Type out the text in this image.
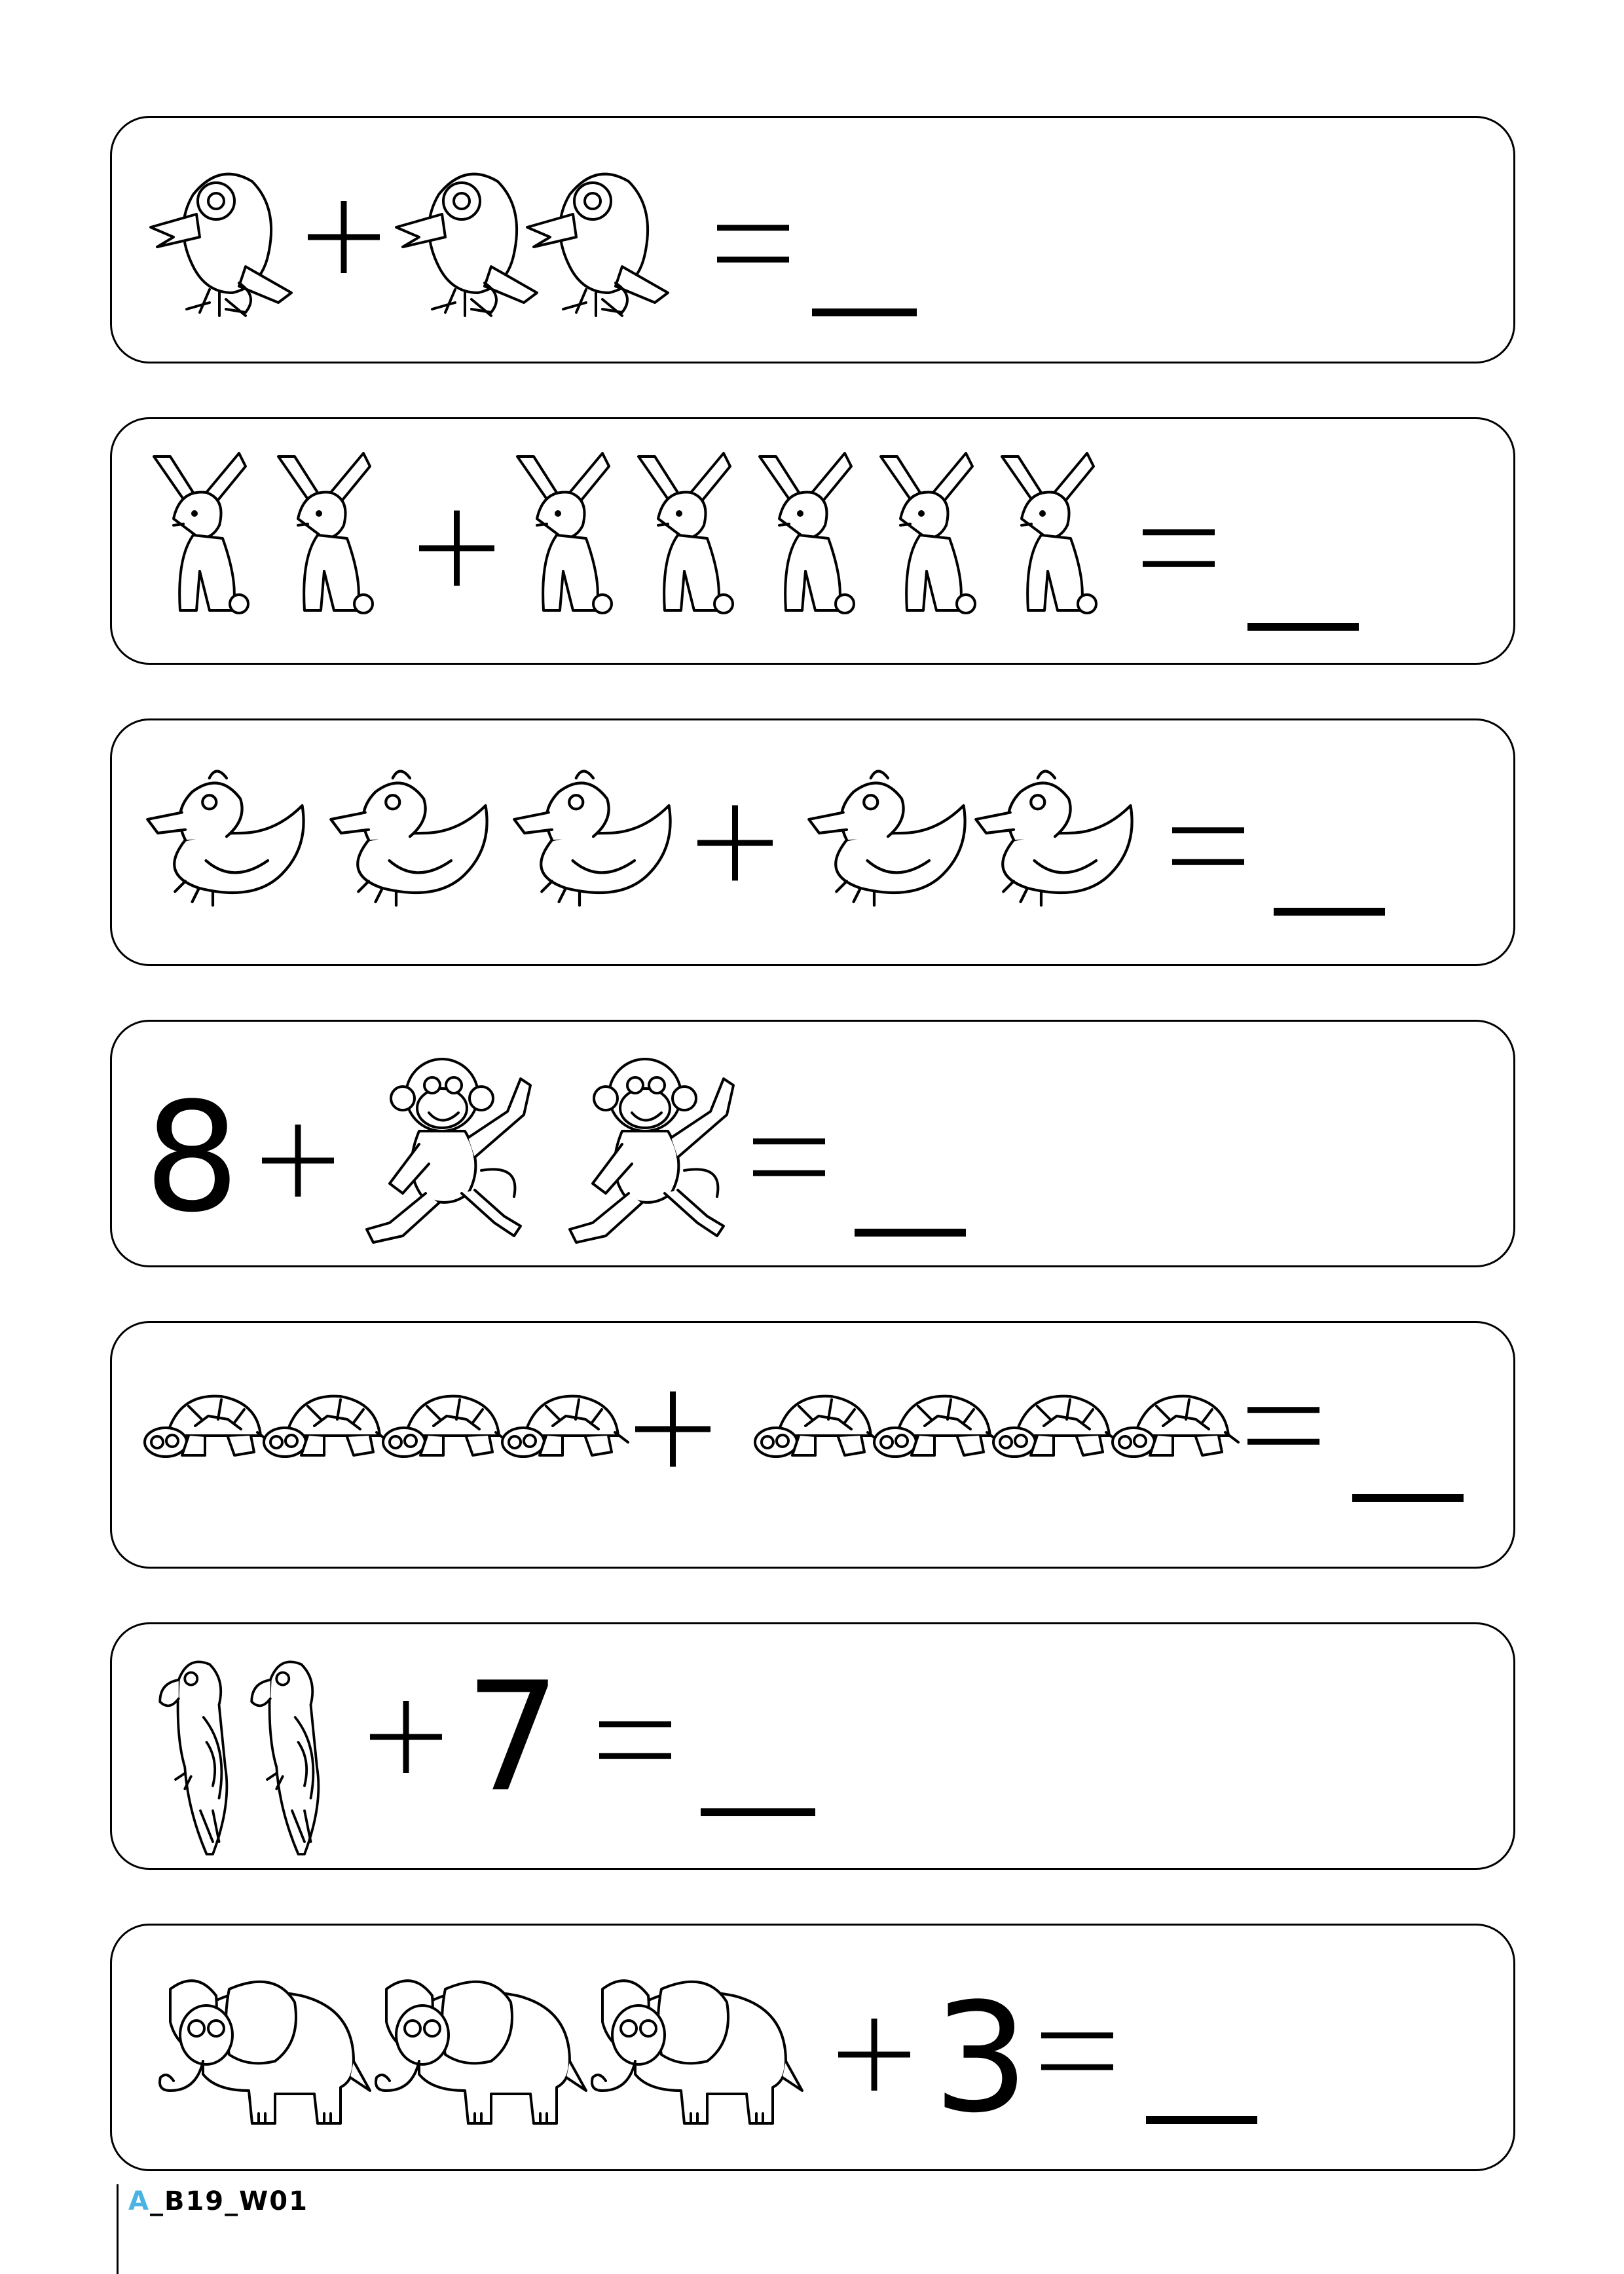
8
7
3
A_B19_W01
